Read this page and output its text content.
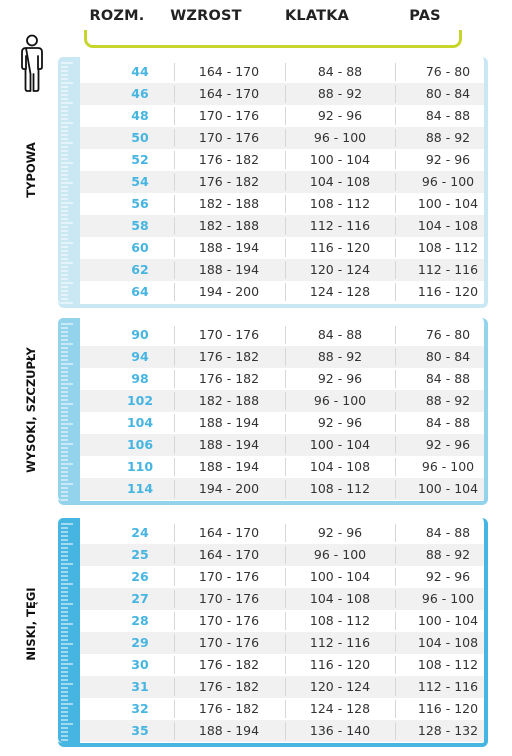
ROZM. WZROST	KLATKA	PAS
44	164 - 170	84 - 88	76 - 80
46	164 - 170	88 - 92	80 - 84
48	170 - 176	92 - 96	84 - 88
50	170 - 176	96 - 100	88 - 92
52	176 - 182	100 - 104	92 - 96
54	176 - 182	104 - 108	96 - 100
56	182 - 188	108 - 112	100 - 104
58	182 - 188	112 - 116	104 - 108
60	188 - 194	116 - 120	108 - 112
62	188 - 194	120 - 124	112 - 116
64	194 - 200	124 - 128	116 - 120
TYPOWA
90	170 - 176	84 - 88	76 - 80
94	176 - 182	88 - 92	80 - 84
98	176 - 182	92 - 96	84 - 88
102	182 - 188	96 - 100	88 - 92
104	188 - 194	92 - 96	84 - 88
106	188 - 194	100 - 104	92 - 96
110	188 - 194	104 - 108	96 - 100
114	194 - 200	108 - 112	100 - 104
WYSOKI, SZCZUPŁY
24	164 - 170	92 - 96	84 - 88
25	164 - 170	96 - 100	88 - 92
26	170 - 176	100 - 104	92 - 96
27	170 - 176	104 - 108	96 - 100
28	170 - 176	108 - 112	100 - 104
29	170 - 176	112 - 116	104 - 108
30	176 - 182	116 - 120	108 - 112
31	176 - 182	120 - 124	112 - 116
32	176 - 182	124 - 128	116 - 120
35	188 - 194	136 - 140	128 - 132
NISKI, TĘGI
